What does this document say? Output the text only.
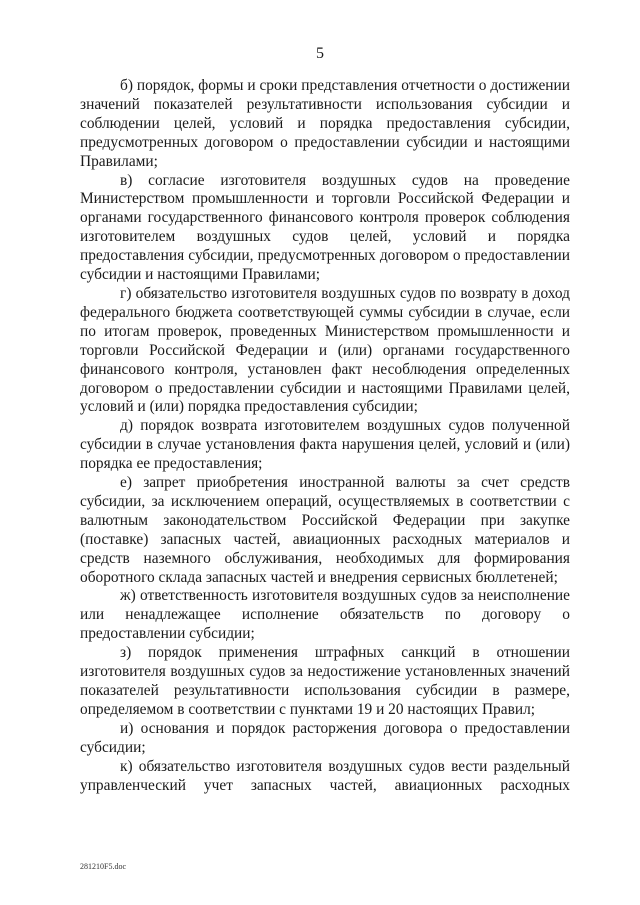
5

б) порядок, формы и сроки представления отчетности о достижении значений показателей результативности использования субсидии и соблюдении целей, условий и порядка предоставления субсидии, предусмотренных договором о предоставлении субсидии и настоящими Правилами;

в) согласие изготовителя воздушных судов на проведение Министерством промышленности и торговли Российской Федерации и органами государственного финансового контроля проверок соблюдения изготовителем воздушных судов целей, условий и порядка предоставления субсидии, предусмотренных договором о предоставлении субсидии и настоящими Правилами;

г) обязательство изготовителя воздушных судов по возврату в доход федерального бюджета соответствующей суммы субсидии в случае, если по итогам проверок, проведенных Министерством промышленности и торговли Российской Федерации и (или) органами государственного финансового контроля, установлен факт несоблюдения определенных договором о предоставлении субсидии и настоящими Правилами целей, условий и (или) порядка предоставления субсидии;

д) порядок возврата изготовителем воздушных судов полученной субсидии в случае установления факта нарушения целей, условий и (или) порядка ее предоставления;

е) запрет приобретения иностранной валюты за счет средств субсидии, за исключением операций, осуществляемых в соответствии с валютным законодательством Российской Федерации при закупке (поставке) запасных частей, авиационных расходных материалов и средств наземного обслуживания, необходимых для формирования оборотного склада запасных частей и внедрения сервисных бюллетеней;

ж) ответственность изготовителя воздушных судов за неисполнение или ненадлежащее исполнение обязательств по договору о предоставлении субсидии;

з) порядок применения штрафных санкций в отношении изготовителя воздушных судов за недостижение установленных значений показателей результативности использования субсидии в размере, определяемом в соответствии с пунктами 19 и 20 настоящих Правил;

и) основания и порядок расторжения договора о предоставлении субсидии;

к) обязательство изготовителя воздушных судов вести раздельный управленческий учет запасных частей, авиационных расходных

281210F5.doc
